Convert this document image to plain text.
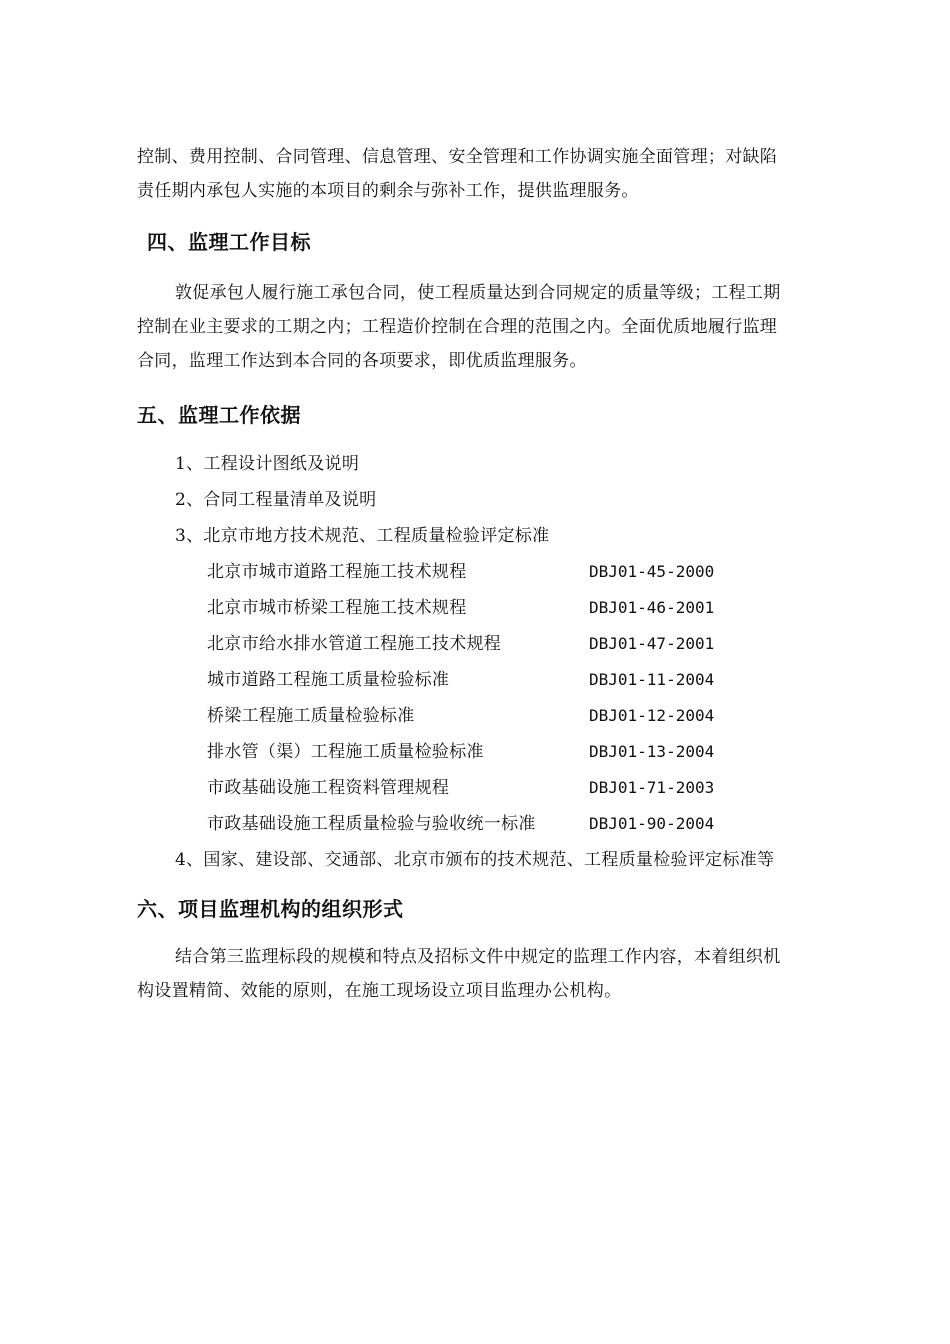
控制、费用控制、合同管理、信息管理、安全管理和工作协调实施全面管理；对缺陷
责任期内承包人实施的本项目的剩余与弥补工作，提供监理服务。

四、监理工作目标

敦促承包人履行施工承包合同，使工程质量达到合同规定的质量等级；工程工期
控制在业主要求的工期之内；工程造价控制在合理的范围之内。全面优质地履行监理
合同，监理工作达到本合同的各项要求，即优质监理服务。

五、监理工作依据

1、工程设计图纸及说明

2、合同工程量清单及说明

3、北京市地方技术规范、工程质量检验评定标准

北京市城市道路工程施工技术规程	DBJ01-45-2000
北京市城市桥梁工程施工技术规程	DBJ01-46-2001
北京市给水排水管道工程施工技术规程	DBJ01-47-2001
城市道路工程施工质量检验标准	DBJ01-11-2004
桥梁工程施工质量检验标准	DBJ01-12-2004
排水管（渠）工程施工质量检验标准	DBJ01-13-2004
市政基础设施工程资料管理规程	DBJ01-71-2003
市政基础设施工程质量检验与验收统一标准	DBJ01-90-2004

4、国家、建设部、交通部、北京市颁布的技术规范、工程质量检验评定标准等

六、项目监理机构的组织形式

结合第三监理标段的规模和特点及招标文件中规定的监理工作内容，本着组织机
构设置精简、效能的原则，在施工现场设立项目监理办公机构。
